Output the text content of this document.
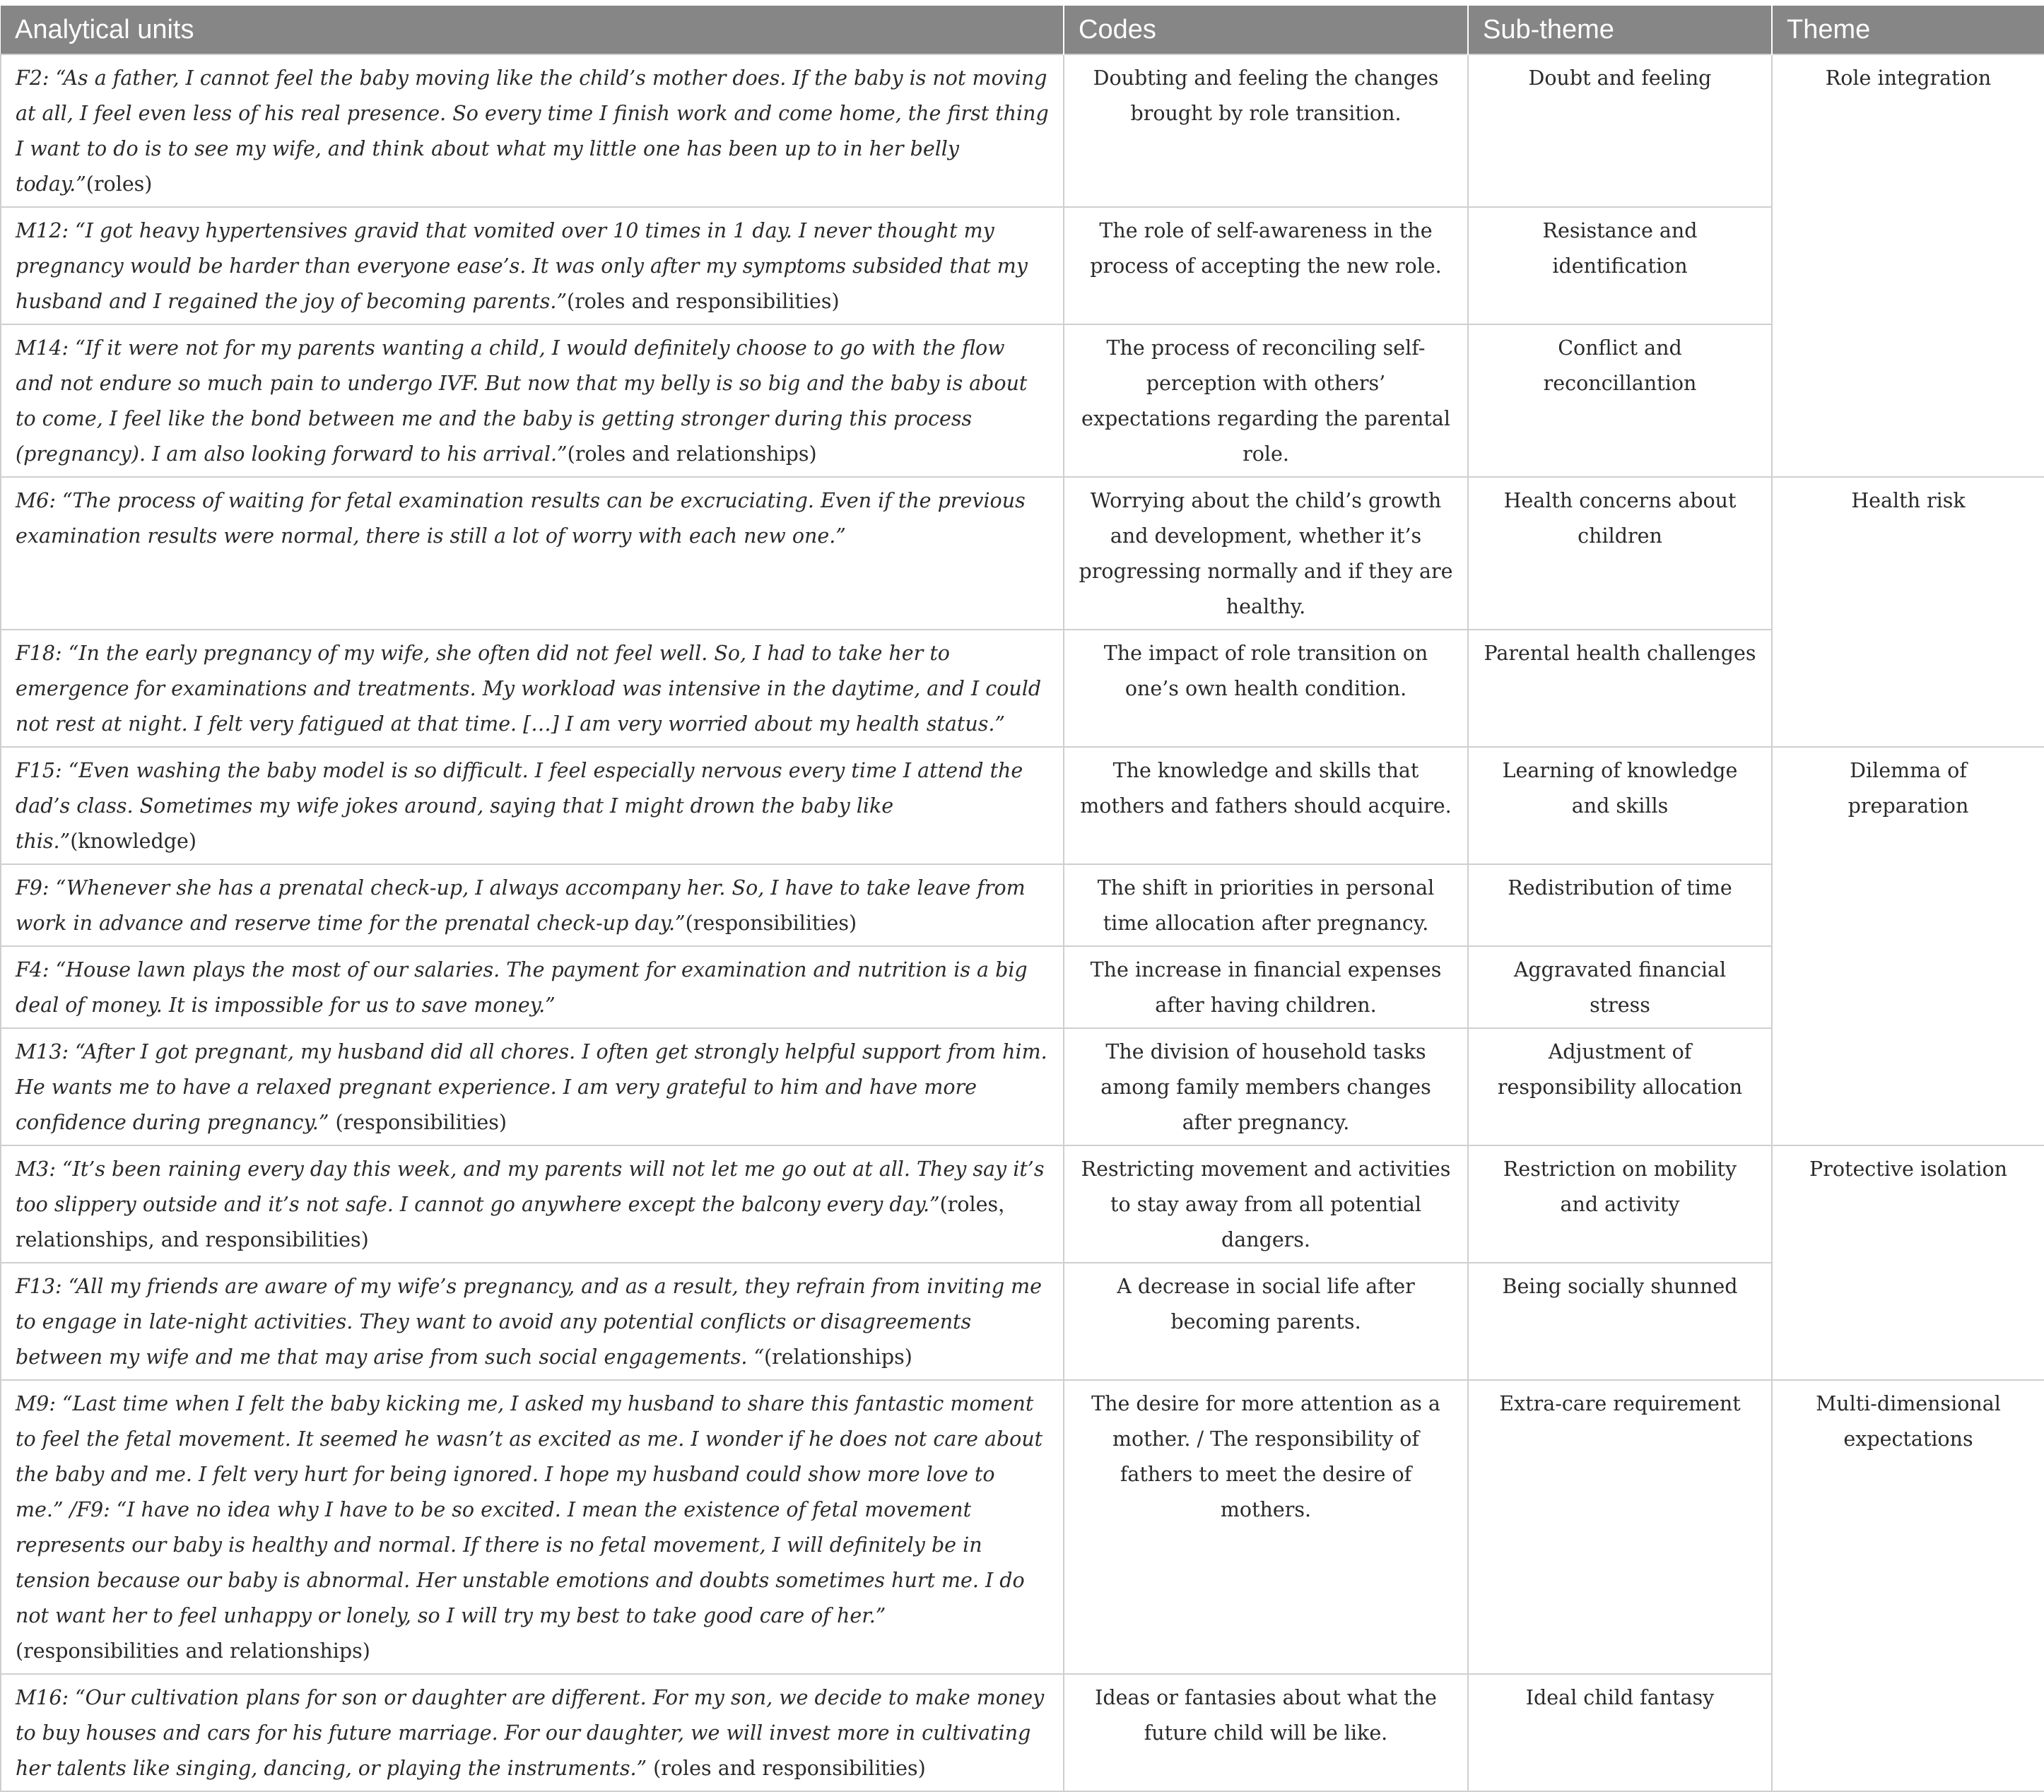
Analytical units	Codes	Sub-theme	Theme
F2: “As a father, I cannot feel the baby moving like the child’s mother does. If the baby is not moving at all, I feel even less of his real presence. So every time I finish work and come home, the first thing I want to do is to see my wife, and think about what my little one has been up to in her belly today.”(roles)	Doubting and feeling the changes brought by role transition.	Doubt and feeling	Role integration
M12: “I got heavy hypertensives gravid that vomited over 10 times in 1 day. I never thought my pregnancy would be harder than everyone ease’s. It was only after my symptoms subsided that my husband and I regained the joy of becoming parents.”(roles and responsibilities)	The role of self-awareness in the process of accepting the new role.	Resistance and identification	
M14: “If it were not for my parents wanting a child, I would definitely choose to go with the flow and not endure so much pain to undergo IVF. But now that my belly is so big and the baby is about to come, I feel like the bond between me and the baby is getting stronger during this process (pregnancy). I am also looking forward to his arrival.”(roles and relationships)	The process of reconciling self-perception with others’ expectations regarding the parental role.	Conflict and reconcillantion	
M6: “The process of waiting for fetal examination results can be excruciating. Even if the previous examination results were normal, there is still a lot of worry with each new one.”	Worrying about the child’s growth and development, whether it’s progressing normally and if they are healthy.	Health concerns about children	Health risk
F18: “In the early pregnancy of my wife, she often did not feel well. So, I had to take her to emergence for examinations and treatments. My workload was intensive in the daytime, and I could not rest at night. I felt very fatigued at that time. […] I am very worried about my health status.”	The impact of role transition on one’s own health condition.	Parental health challenges	
F15: “Even washing the baby model is so difficult. I feel especially nervous every time I attend the dad’s class. Sometimes my wife jokes around, saying that I might drown the baby like this.”(knowledge)	The knowledge and skills that mothers and fathers should acquire.	Learning of knowledge and skills	Dilemma of preparation
F9: “Whenever she has a prenatal check-up, I always accompany her. So, I have to take leave from work in advance and reserve time for the prenatal check-up day.”(responsibilities)	The shift in priorities in personal time allocation after pregnancy.	Redistribution of time	
F4: “House lawn plays the most of our salaries. The payment for examination and nutrition is a big deal of money. It is impossible for us to save money.”	The increase in financial expenses after having children.	Aggravated financial stress	
M13: “After I got pregnant, my husband did all chores. I often get strongly helpful support from him. He wants me to have a relaxed pregnant experience. I am very grateful to him and have more confidence during pregnancy.” (responsibilities)	The division of household tasks among family members changes after pregnancy.	Adjustment of responsibility allocation	
M3: “It’s been raining every day this week, and my parents will not let me go out at all. They say it’s too slippery outside and it’s not safe. I cannot go anywhere except the balcony every day.”(roles，relationships, and responsibilities)	Restricting movement and activities to stay away from all potential dangers.	Restriction on mobility and activity	Protective isolation
F13: “All my friends are aware of my wife’s pregnancy, and as a result, they refrain from inviting me to engage in late-night activities. They want to avoid any potential conflicts or disagreements between my wife and me that may arise from such social engagements. “(relationships)	A decrease in social life after becoming parents.	Being socially shunned	
M9: “Last time when I felt the baby kicking me, I asked my husband to share this fantastic moment to feel the fetal movement. It seemed he wasn’t as excited as me. I wonder if he does not care about the baby and me. I felt very hurt for being ignored. I hope my husband could show more love to me.” /F9: “I have no idea why I have to be so excited. I mean the existence of fetal movement represents our baby is healthy and normal. If there is no fetal movement, I will definitely be in tension because our baby is abnormal. Her unstable emotions and doubts sometimes hurt me. I do not want her to feel unhappy or lonely, so I will try my best to take good care of her.” (responsibilities and relationships)	The desire for more attention as a mother. / The responsibility of fathers to meet the desire of mothers.	Extra-care requirement	Multi-dimensional expectations
M16: “Our cultivation plans for son or daughter are different. For my son, we decide to make money to buy houses and cars for his future marriage. For our daughter, we will invest more in cultivating her talents like singing, dancing, or playing the instruments.” (roles and responsibilities)	Ideas or fantasies about what the future child will be like.	Ideal child fantasy	
